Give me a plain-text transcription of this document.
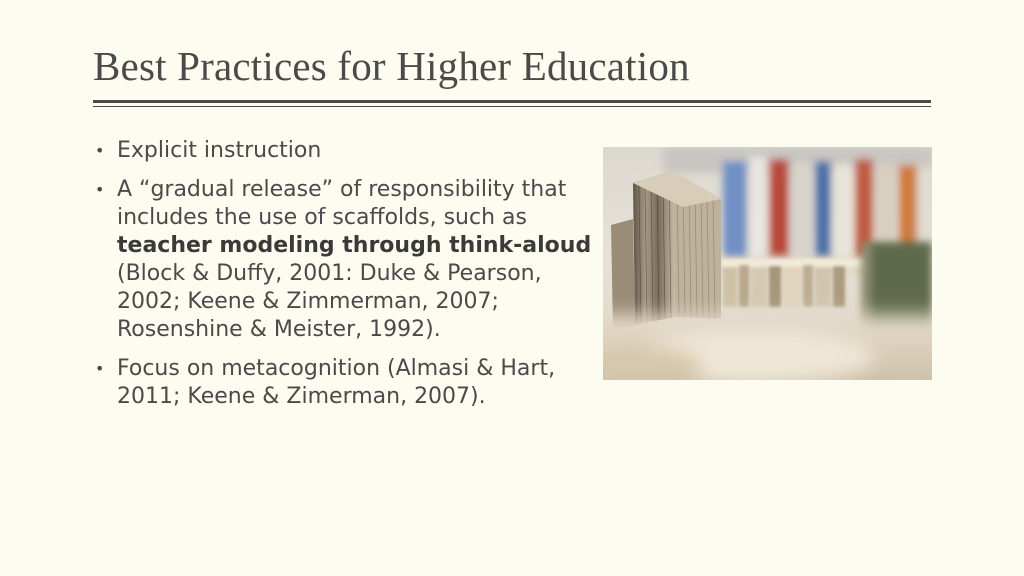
Best Practices for Higher Education
• Explicit instruction
• A “gradual release” of responsibility that includes the use of scaffolds, such as teacher modeling through think-aloud (Block & Duffy, 2001: Duke & Pearson, 2002; Keene & Zimmerman, 2007; Rosenshine & Meister, 1992).
• Focus on metacognition (Almasi & Hart, 2011; Keene & Zimerman, 2007).
